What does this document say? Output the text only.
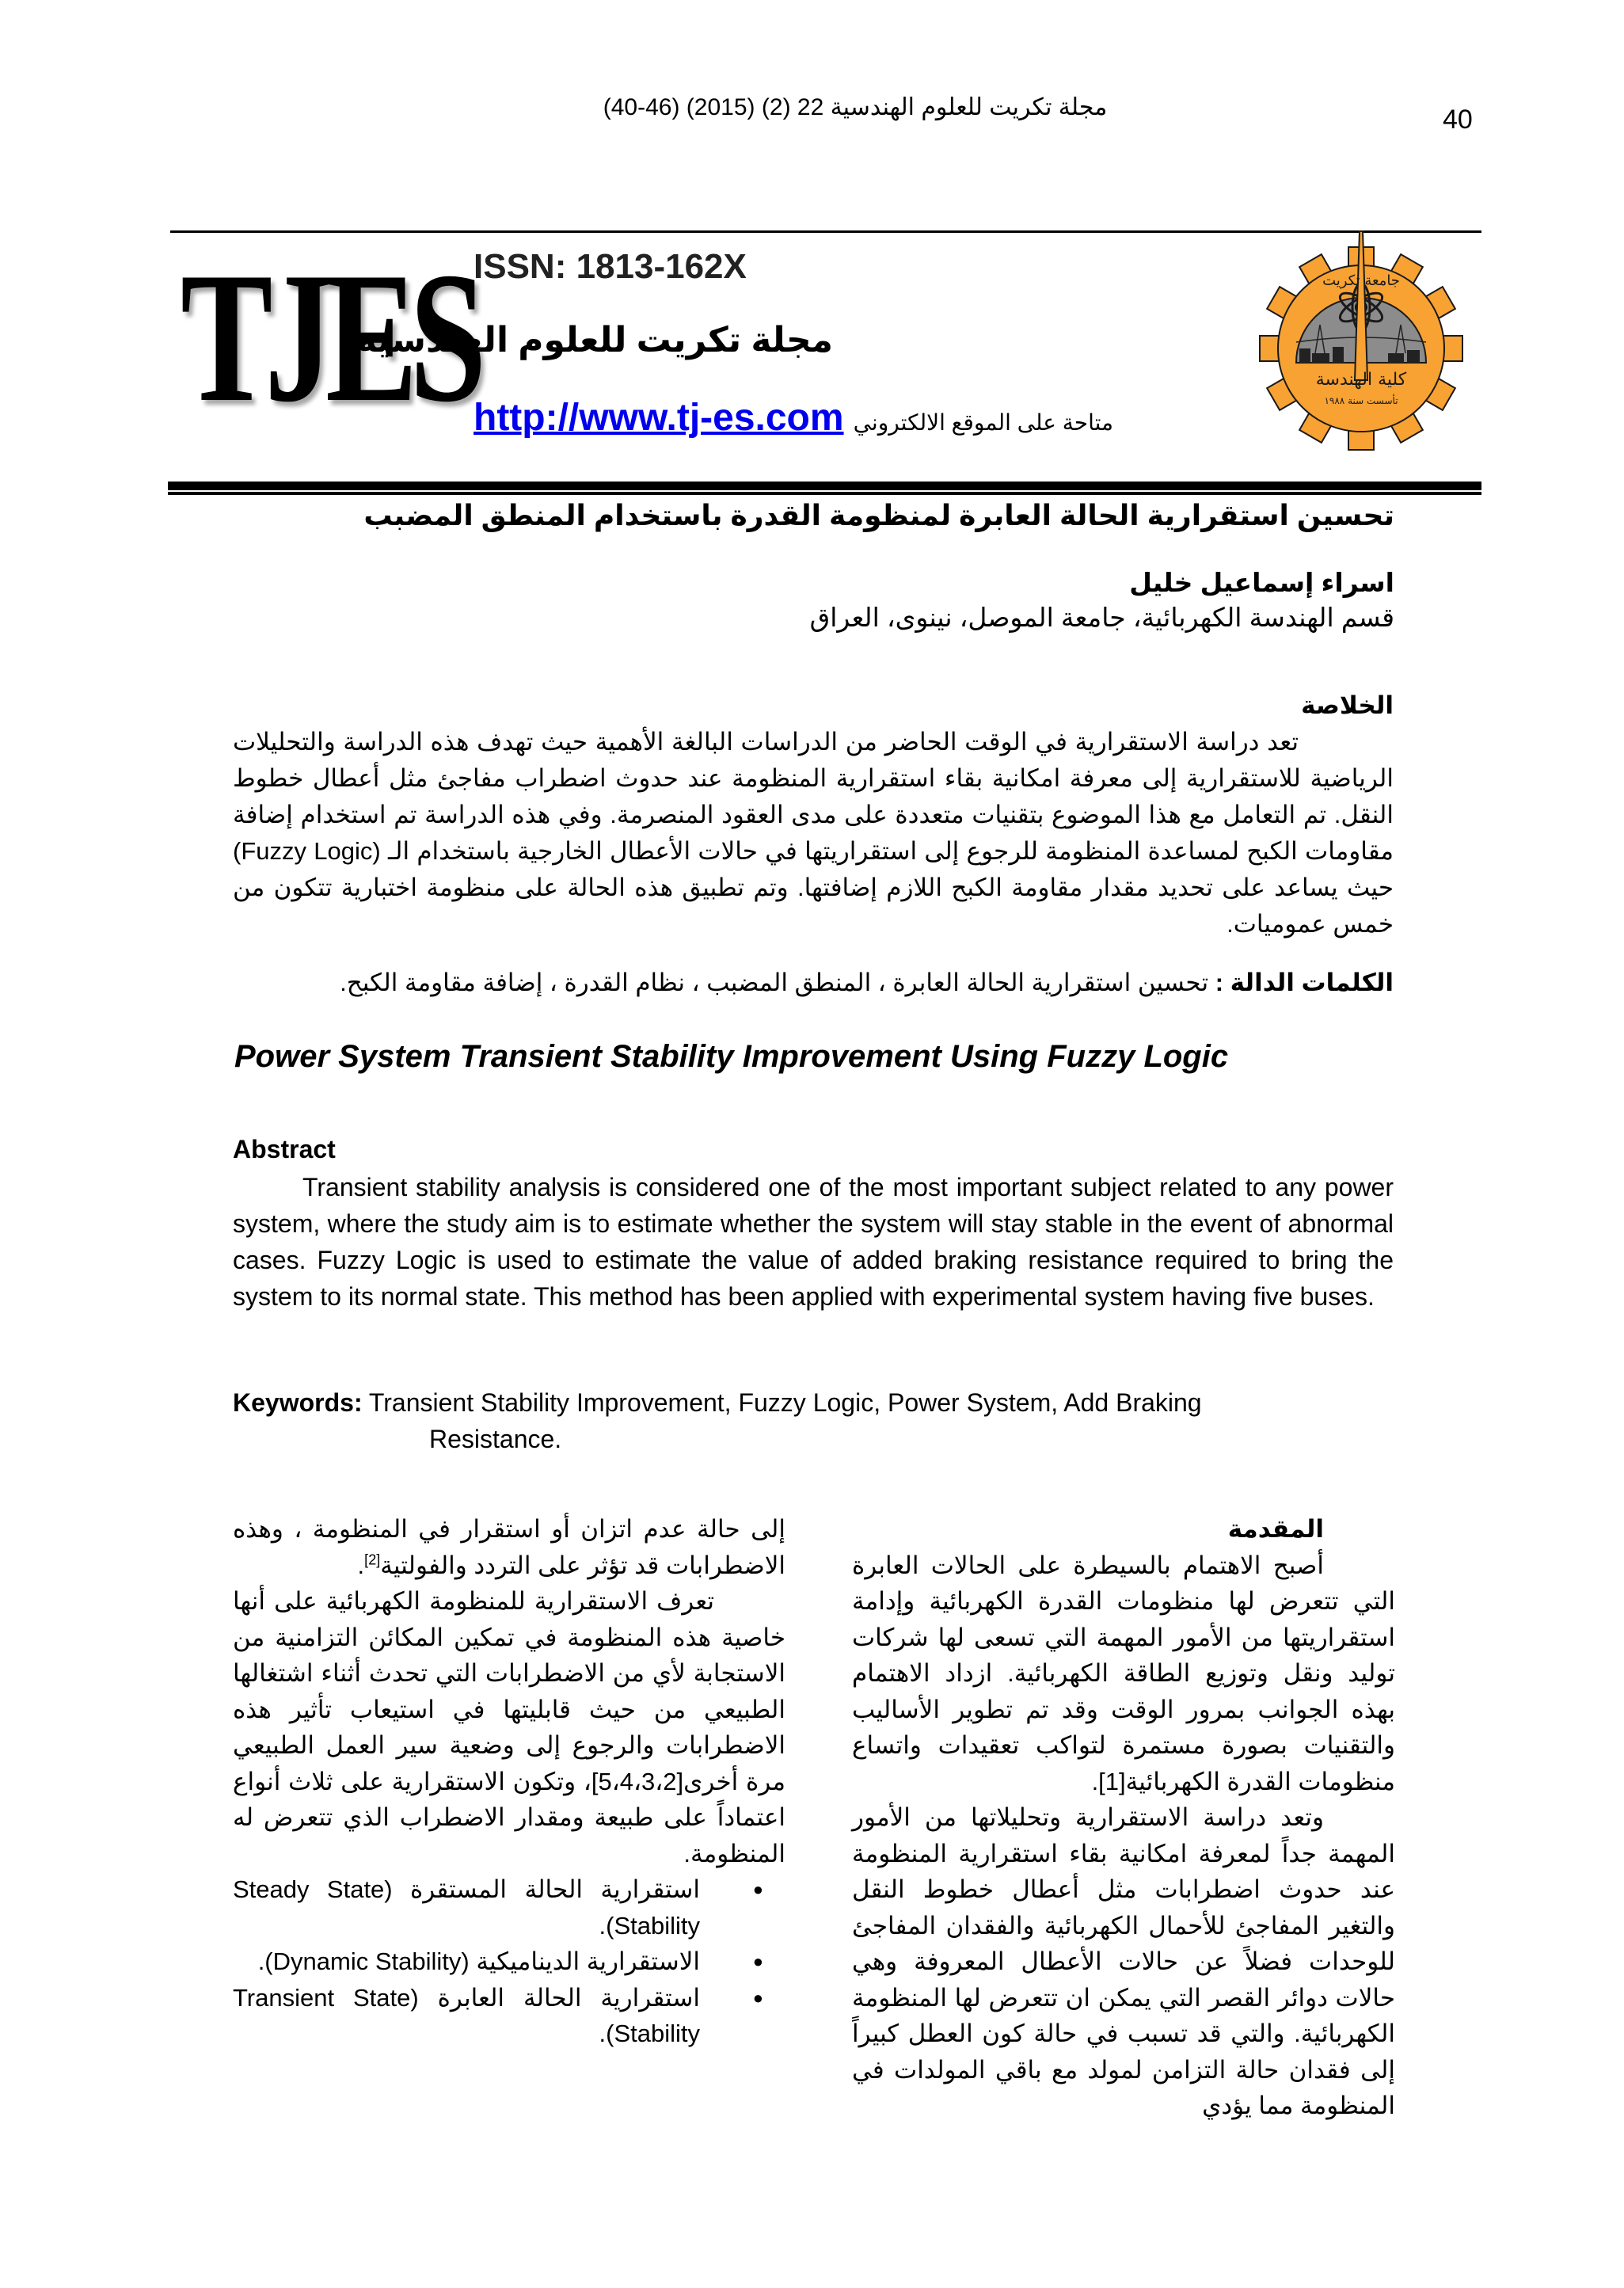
مجلة تكريت للعلوم الهندسية 22 (2) (2015) (46-40)	40
TJES
ISSN: 1813-162X
مجلة تكريت للعلوم الهندسية
http://www.tj-es.com متاحة على الموقع الالكتروني
جامعة تكريت
كلية الهندسة
تأسست سنة ١٩٨٨
تحسين استقرارية الحالة العابرة لمنظومة القدرة باستخدام المنطق المضبب
اسراء إسماعيل خليل
قسم الهندسة الكهربائية، جامعة الموصل، نينوى، العراق
الخلاصة

تعد دراسة الاستقرارية في الوقت الحاضر من الدراسات البالغة الأهمية حيث تهدف هذه الدراسة والتحليلات الرياضية للاستقرارية إلى معرفة امكانية بقاء استقرارية المنظومة عند حدوث اضطراب مفاجئ مثل أعطال خطوط النقل. تم التعامل مع هذا الموضوع بتقنيات متعددة على مدى العقود المنصرمة. وفي هذه الدراسة تم استخدام إضافة مقاومات الكبح لمساعدة المنظومة للرجوع إلى استقراريتها في حالات الأعطال الخارجية باستخدام الـ (Fuzzy Logic) حيث يساعد على تحديد مقدار مقاومة الكبح اللازم إضافتها. وتم تطبيق هذه الحالة على منظومة اختبارية تتكون من خمس عموميات.

الكلمات الدالة : تحسين استقرارية الحالة العابرة ، المنطق المضبب ، نظام القدرة ، إضافة مقاومة الكبح.
Power System Transient Stability Improvement Using Fuzzy Logic
Abstract

Transient stability analysis is considered one of the most important subject related to any power system, where the study aim is to estimate whether the system will stay stable in the event of abnormal cases. Fuzzy Logic is used to estimate the value of added braking resistance required to bring the system to its normal state. This method has been applied with experimental system having five buses.

Keywords: Transient Stability Improvement, Fuzzy Logic, Power System, Add Braking
Resistance.
المقدمة

أصبح الاهتمام بالسيطرة على الحالات العابرة التي تتعرض لها منظومات القدرة الكهربائية وإدامة استقراريتها من الأمور المهمة التي تسعى لها شركات توليد ونقل وتوزيع الطاقة الكهربائية. ازداد الاهتمام بهذه الجوانب بمرور الوقت وقد تم تطوير الأساليب والتقنيات بصورة مستمرة لتواكب تعقيدات واتساع منظومات القدرة الكهربائية[1].

وتعد دراسة الاستقرارية وتحليلاتها من الأمور المهمة جداً لمعرفة امكانية بقاء استقرارية المنظومة عند حدوث اضطرابات مثل أعطال خطوط النقل والتغير المفاجئ للأحمال الكهربائية والفقدان المفاجئ للوحدات فضلاً عن حالات الأعطال المعروفة وهي حالات دوائر القصر التي يمكن ان تتعرض لها المنظومة الكهربائية. والتي قد تسبب في حالة كون العطل كبيراً إلى فقدان حالة التزامن لمولد مع باقي المولدات في المنظومة مما يؤدي

إلى حالة عدم اتزان أو استقرار في المنظومة ، وهذه الاضطرابات قد تؤثر على التردد والفولتية[2].

تعرف الاستقرارية للمنظومة الكهربائية على أنها خاصية هذه المنظومة في تمكين المكائن التزامنية من الاستجابة لأي من الاضطرابات التي تحدث أثناء اشتغالها الطبيعي من حيث قابليتها في استيعاب تأثير هذه الاضطرابات والرجوع إلى وضعية سير العمل الطبيعي مرة أخرى[5،4،3،2]، وتكون الاستقرارية على ثلاث أنواع اعتماداً على طبيعة ومقدار الاضطراب الذي تتعرض له المنظومة.

● استقرارية الحالة المستقرة (Steady State Stability).
● الاستقرارية الديناميكية (Dynamic Stability).
● استقرارية الحالة العابرة (Transient State Stability).
